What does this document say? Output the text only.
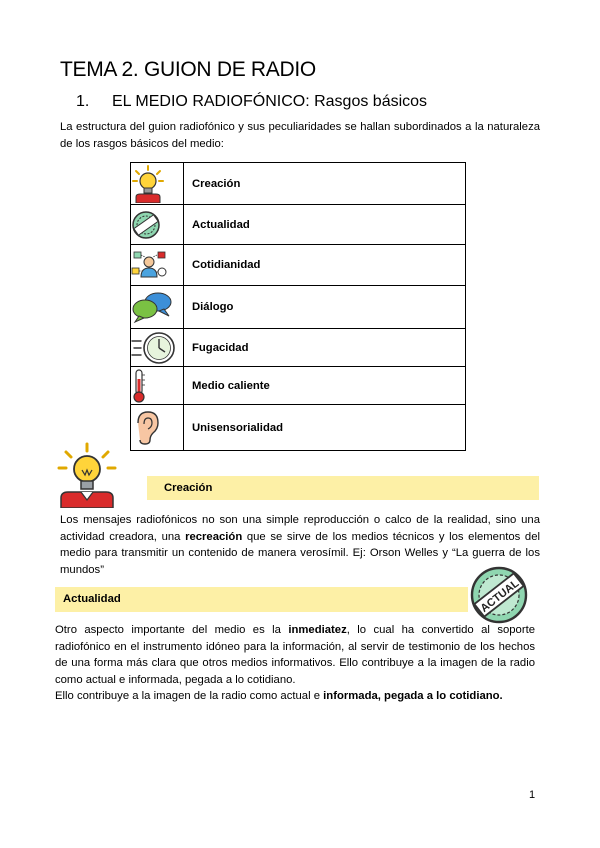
TEMA 2. GUION DE RADIO
1. EL MEDIO RADIOFÓNICO: Rasgos básicos
La estructura del guion radiofónico y sus peculiaridades se hallan subordinados a la naturaleza de los rasgos básicos del medio:
	Creación

	Actualidad

	Cotidianidad

	Diálogo

	Fugacidad

	Medio caliente

	Unisensorialidad
Creación
Los mensajes radiofónicos no son una simple reproducción o calco de la realidad, sino una actividad creadora, una recreación que se sirve de los medios técnicos y los elementos del medio para transmitir un contenido de manera verosímil. Ej: Orson Welles y “La guerra de los mundos”
Actualidad	ACTUAL
Otro aspecto importante del medio es la inmediatez, lo cual ha convertido al soporte radiofónico en el instrumento idóneo para la información, al servir de testimonio de los hechos de una forma más clara que otros medios informativos. Ello contribuye a la imagen de la radio como actual e informada, pegada a lo cotidiano.
Ello contribuye a la imagen de la radio como actual e informada, pegada a lo cotidiano.
1
